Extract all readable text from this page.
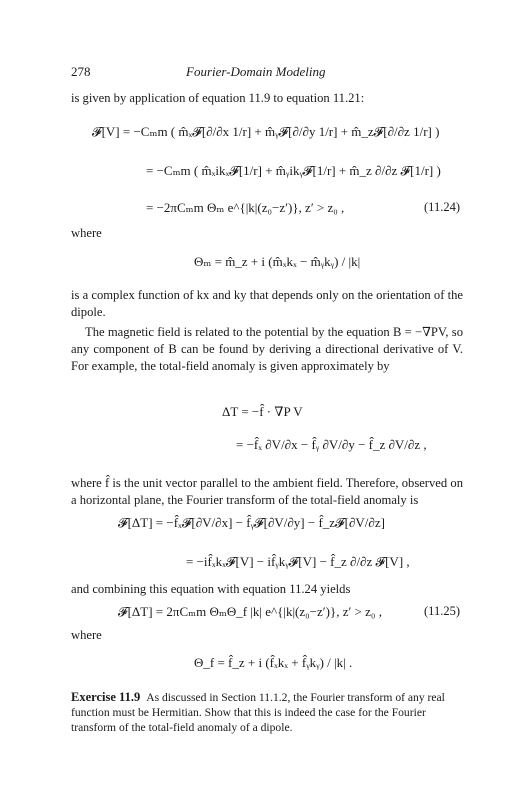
278	Fourier-Domain Modeling
is given by application of equation 11.9 to equation 11.21:
𝓕[V] = −Cₘm ( m̂ₓ𝓕[∂/∂x 1/r] + m̂ᵧ𝓕[∂/∂y 1/r] + m̂_z𝓕[∂/∂z 1/r] )
= −Cₘm ( m̂ₓikₓ𝓕[1/r] + m̂ᵧikᵧ𝓕[1/r] + m̂_z ∂/∂z 𝓕[1/r] )
= −2πCₘm Θₘ e^{|k|(z₀−z′)}, z′ > z₀ ,	(11.24)
where
Θₘ = m̂_z + i (m̂ₓkₓ − m̂ᵧkᵧ) / |k|
is a complex function of kx and ky that depends only on the orientation of the dipole.
The magnetic field is related to the potential by the equation B = −∇PV, so any component of B can be found by deriving a directional derivative of V. For example, the total-field anomaly is given approximately by
ΔT = −f̂ · ∇P V
= −f̂ₓ ∂V/∂x − f̂ᵧ ∂V/∂y − f̂_z ∂V/∂z ,
where f̂ is the unit vector parallel to the ambient field. Therefore, observed on a horizontal plane, the Fourier transform of the total-field anomaly is
𝓕[ΔT] = −f̂ₓ𝓕[∂V/∂x] − f̂ᵧ𝓕[∂V/∂y] − f̂_z𝓕[∂V/∂z]
= −if̂ₓkₓ𝓕[V] − if̂ᵧkᵧ𝓕[V] − f̂_z ∂/∂z 𝓕[V] ,
and combining this equation with equation 11.24 yields
𝓕[ΔT] = 2πCₘm ΘₘΘ_f |k| e^{|k|(z₀−z′)}, z′ > z₀ ,	(11.25)
where
Θ_f = f̂_z + i (f̂ₓkₓ + f̂ᵧkᵧ) / |k| .
Exercise 11.9 As discussed in Section 11.1.2, the Fourier transform of any real function must be Hermitian. Show that this is indeed the case for the Fourier transform of the total-field anomaly of a dipole.
